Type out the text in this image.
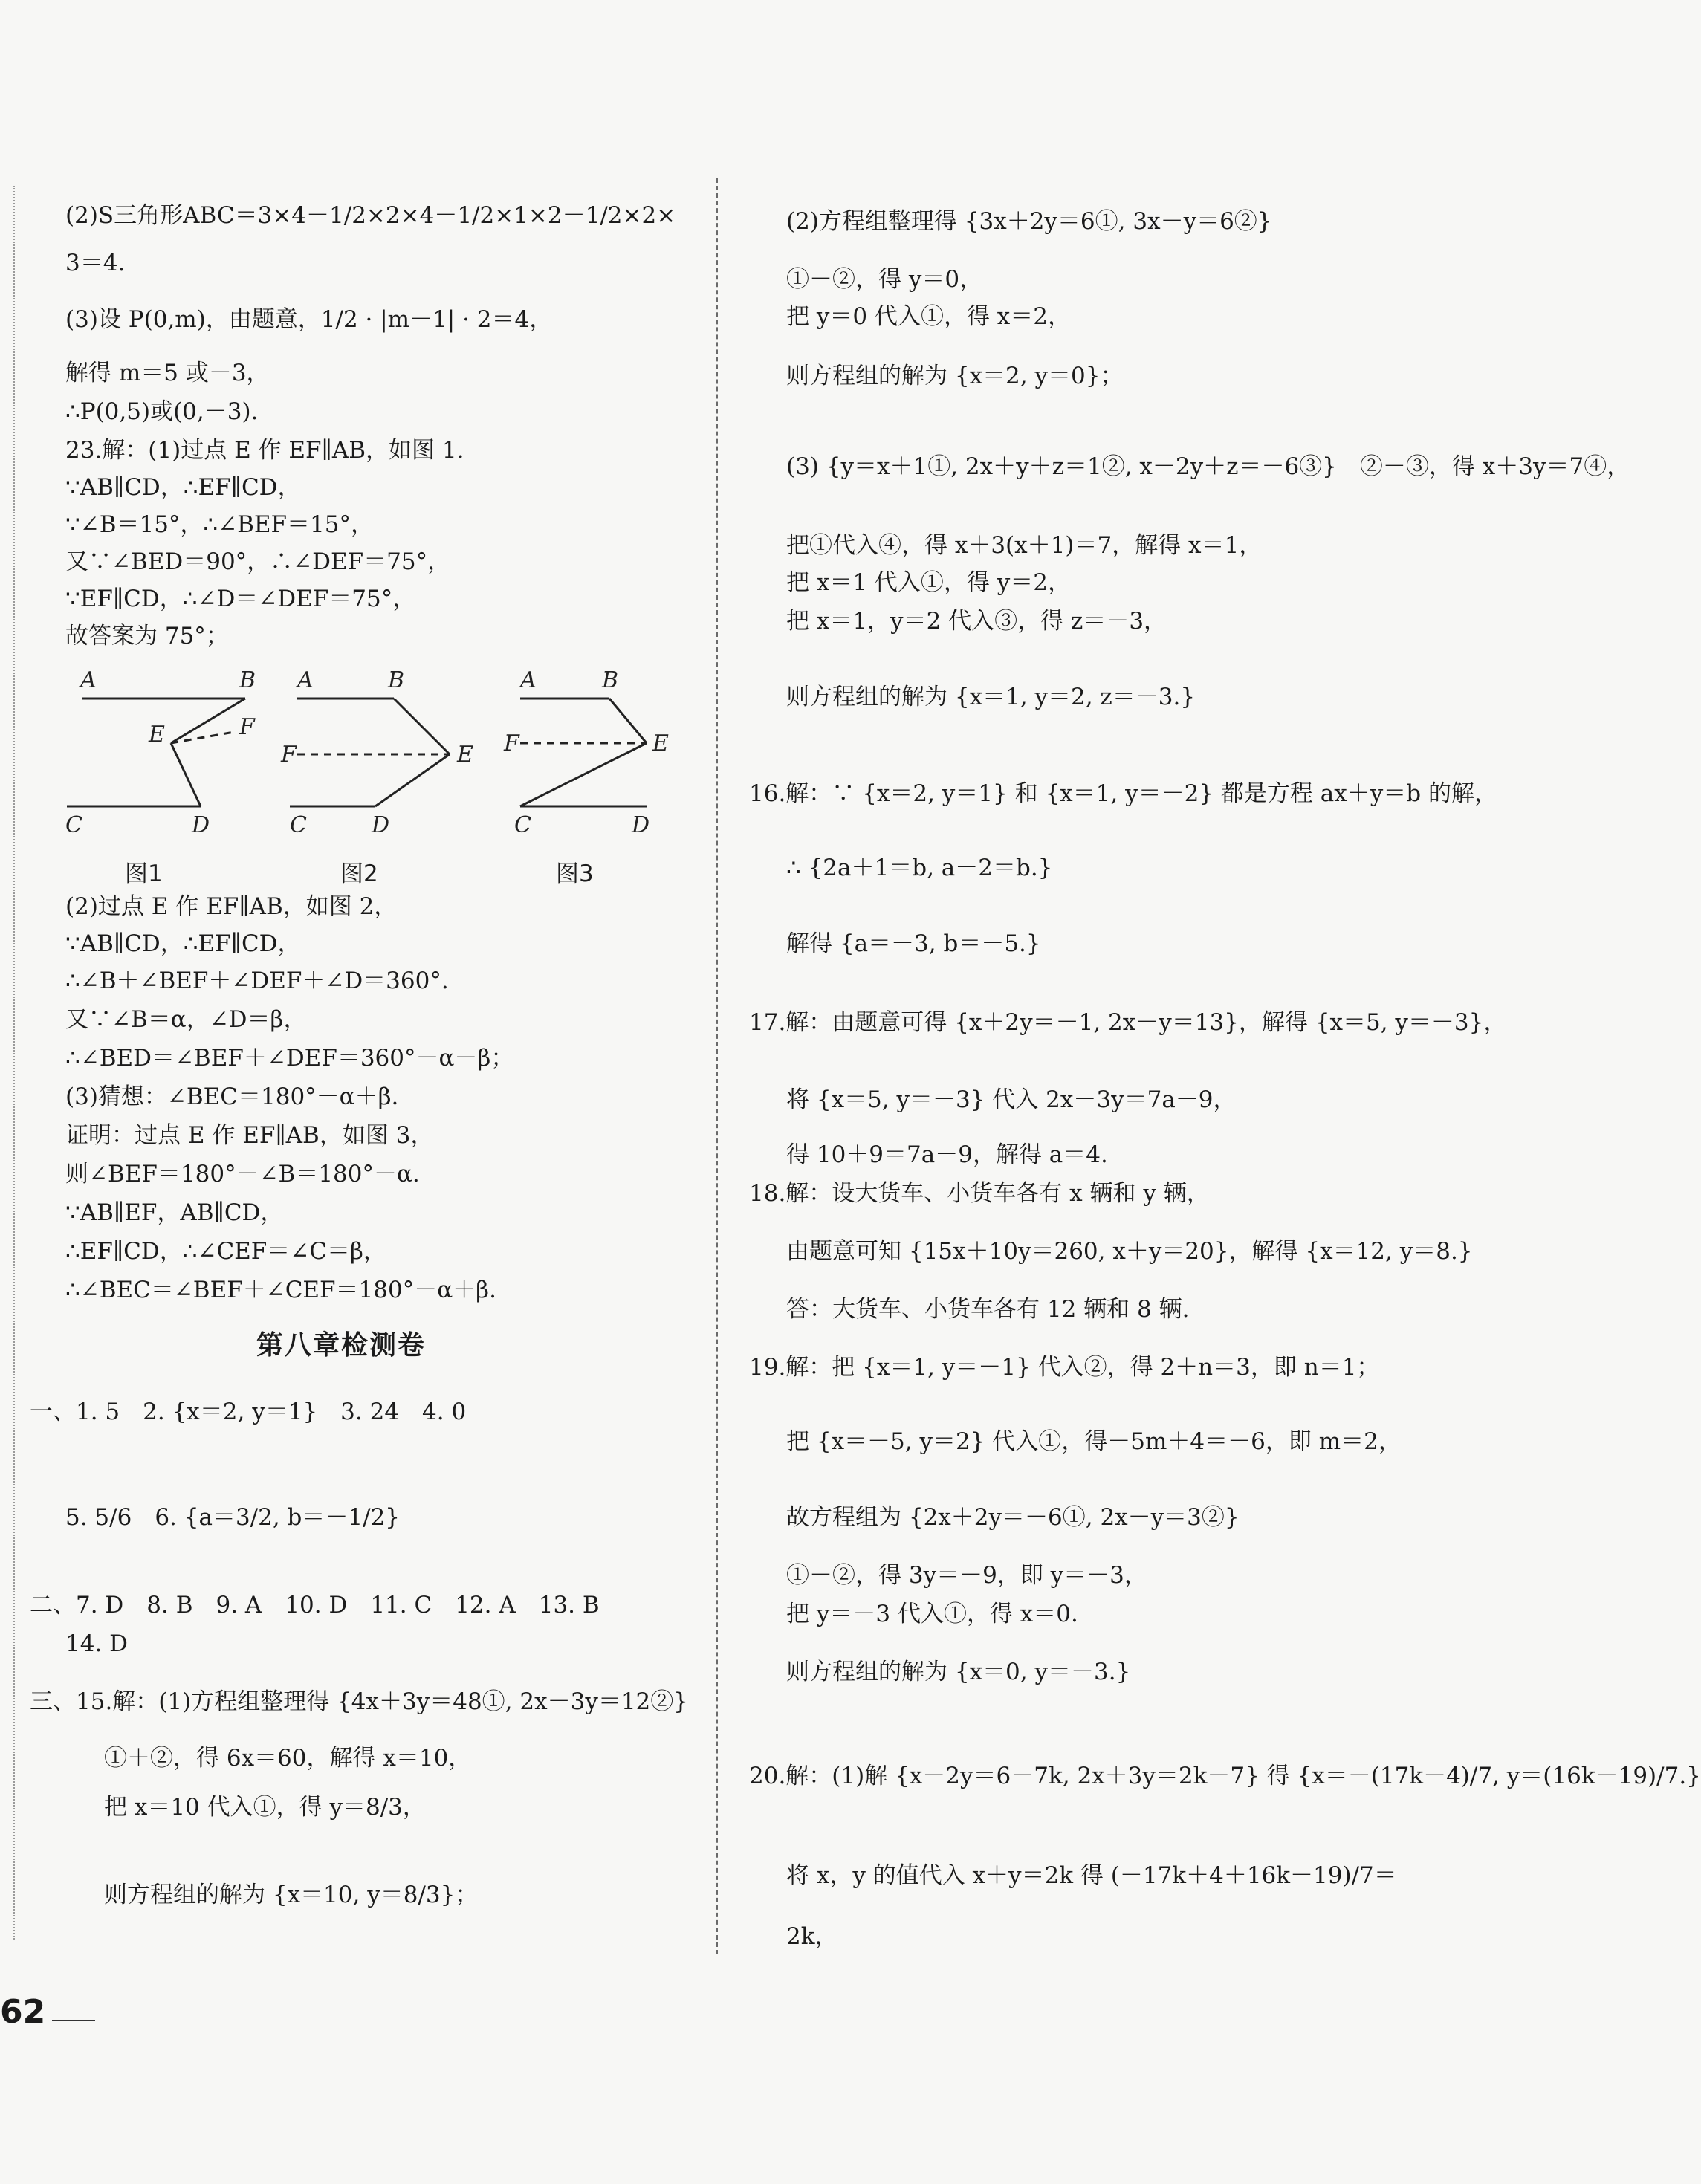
(2)S三角形ABC＝3×4－1/2×2×4－1/2×1×2－1/2×2×
3＝4.
(3)设 P(0,m)，由题意，1/2 · |m－1| · 2＝4，
解得 m＝5 或－3，
∴P(0,5)或(0,－3).
23.解：(1)过点 E 作 EF∥AB，如图 1.
∵AB∥CD，∴EF∥CD，
∵∠B＝15°，∴∠BEF＝15°，
又∵∠BED＝90°，∴∠DEF＝75°，
∵EF∥CD，∴∠D＝∠DEF＝75°，
故答案为 75°；
A	B
E	F
C	D
A	B
F	E
C	D
A	B
F	E
C	D
图1	图2	图3
(2)过点 E 作 EF∥AB，如图 2，
∵AB∥CD，∴EF∥CD，
∴∠B＋∠BEF＋∠DEF＋∠D＝360°.
又∵∠B＝α，∠D＝β，
∴∠BED＝∠BEF＋∠DEF＝360°－α－β；
(3)猜想：∠BEC＝180°－α＋β.
证明：过点 E 作 EF∥AB，如图 3，
则∠BEF＝180°－∠B＝180°－α.
∵AB∥EF，AB∥CD，
∴EF∥CD，∴∠CEF＝∠C＝β，
∴∠BEC＝∠BEF＋∠CEF＝180°－α＋β.
第八章检测卷
一、1. 5　2. {x＝2, y＝1}　3. 24　4. 0
5. 5/6　6. {a＝3/2, b＝－1/2}
二、7. D　8. B　9. A　10. D　11. C　12. A　13. B
14. D
三、15.解：(1)方程组整理得 {4x＋3y＝48①, 2x－3y＝12②}
①＋②，得 6x＝60，解得 x＝10，
把 x＝10 代入①，得 y＝8/3，
则方程组的解为 {x＝10, y＝8/3}；
(2)方程组整理得 {3x＋2y＝6①, 3x－y＝6②}
①－②，得 y＝0，
把 y＝0 代入①，得 x＝2，
则方程组的解为 {x＝2, y＝0}；
(3) {y＝x＋1①, 2x＋y＋z＝1②, x－2y＋z＝－6③}　②－③，得 x＋3y＝7④，
把①代入④，得 x＋3(x＋1)＝7，解得 x＝1，
把 x＝1 代入①，得 y＝2，
把 x＝1，y＝2 代入③，得 z＝－3，
则方程组的解为 {x＝1, y＝2, z＝－3.}
16.解：∵ {x＝2, y＝1} 和 {x＝1, y＝－2} 都是方程 ax＋y＝b 的解，
∴ {2a＋1＝b, a－2＝b.}
解得 {a＝－3, b＝－5.}
17.解：由题意可得 {x＋2y＝－1, 2x－y＝13}，解得 {x＝5, y＝－3}，
将 {x＝5, y＝－3} 代入 2x－3y＝7a－9，
得 10＋9＝7a－9，解得 a＝4.
18.解：设大货车、小货车各有 x 辆和 y 辆，
由题意可知 {15x＋10y＝260, x＋y＝20}，解得 {x＝12, y＝8.}
答：大货车、小货车各有 12 辆和 8 辆.
19.解：把 {x＝1, y＝－1} 代入②，得 2＋n＝3，即 n＝1；
把 {x＝－5, y＝2} 代入①，得－5m＋4＝－6，即 m＝2，
故方程组为 {2x＋2y＝－6①, 2x－y＝3②}
①－②，得 3y＝－9，即 y＝－3，
把 y＝－3 代入①，得 x＝0.
则方程组的解为 {x＝0, y＝－3.}
20.解：(1)解 {x－2y＝6－7k, 2x＋3y＝2k－7} 得 {x＝－(17k－4)/7, y＝(16k－19)/7.}
将 x，y 的值代入 x＋y＝2k 得 (－17k＋4＋16k－19)/7＝
2k，
62
